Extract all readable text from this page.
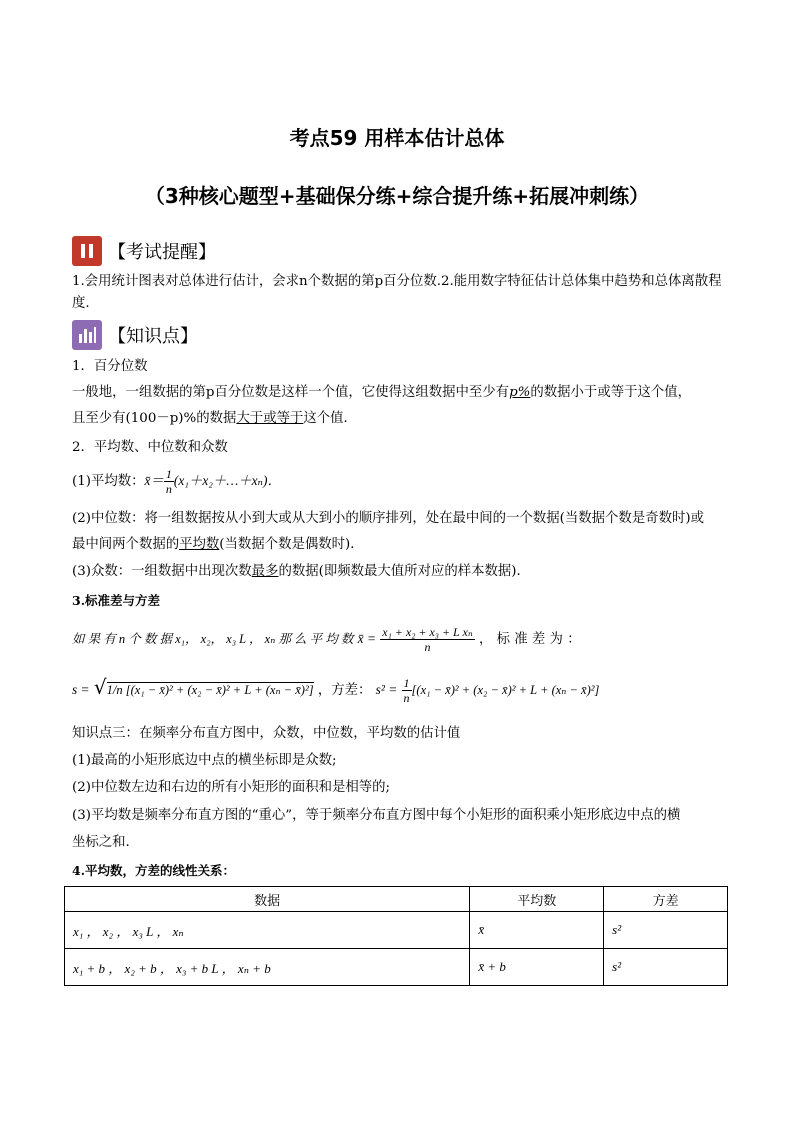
考点59 用样本估计总体
（3种核心题型+基础保分练+综合提升练+拓展冲刺练）
【考试提醒】
1.会用统计图表对总体进行估计，会求n个数据的第p百分位数.2.能用数字特征估计总体集中趋势和总体离散程度.
【知识点】
1．百分位数
一般地，一组数据的第p百分位数是这样一个值，它使得这组数据中至少有p%的数据小于或等于这个值，
且至少有(100－p)%的数据大于或等于这个值．
2．平均数、中位数和众数
(1)平均数：x̄＝ $\frac{1}{n}$ (x₁＋x₂＋…＋xₙ)．
(2)中位数：将一组数据按从小到大或从大到小的顺序排列，处在最中间的一个数据(当数据个数是奇数时)或
最中间两个数据的平均数(当数据个数是偶数时)．
(3)众数：一组数据中出现次数最多的数据(即频数最大值所对应的样本数据)．
3.标准差与方差
如 果 有 n 个 数 据 x₁， x₂， x₃ L ， xₙ 那 么 平 均 数 x̄ = $\frac{\text{x₁ + x₂ + x₃ + L xₙ}}{n}$ ， 标 准 差 为 ：
s = √1/n [(x₁ − x̄)² + (x₂ − x̄)² + L + (xₙ − x̄)²] ，方差： $s^2 = \frac{1}{n} [(x_1$ − x̄)² + (x₂ − x̄)² + L + (xₙ − x̄)²]
知识点三：在频率分布直方图中，众数，中位数，平均数的估计值
(1)最高的小矩形底边中点的横坐标即是众数;
(2)中位数左边和右边的所有小矩形的面积和是相等的;
(3)平均数是频率分布直方图的“重心”，等于频率分布直方图中每个小矩形的面积乘小矩形底边中点的横
坐标之和.
4.平均数，方差的线性关系：
数据	平均数	方差
x₁ ， x₂ ， x₃ L ， xₙ	x̄	s²
x₁ + b ， x₂ + b ， x₃ + b L ， xₙ + b	x̄ + b	s²
